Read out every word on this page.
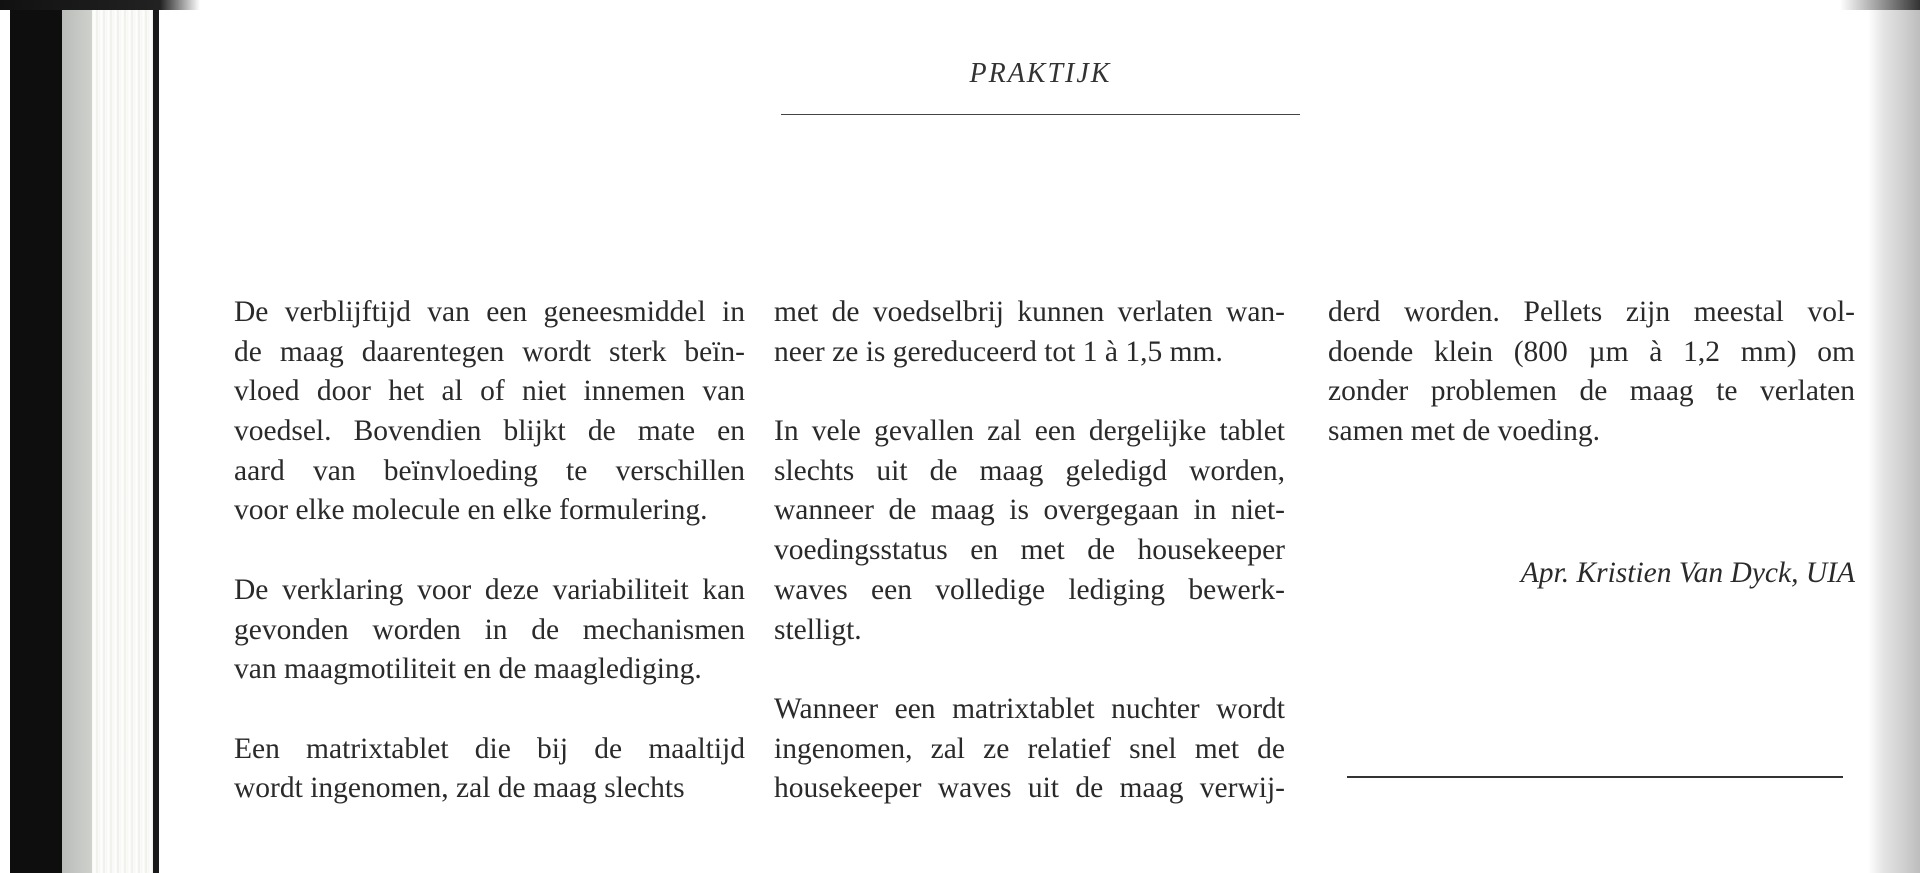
PRAKTIJK
De verblijftijd van een geneesmiddel in
de maag daarentegen wordt sterk beïn-
vloed door het al of niet innemen van
voedsel. Bovendien blijkt de mate en
aard van beïnvloeding te verschillen
voor elke molecule en elke formulering.
De verklaring voor deze variabiliteit kan
gevonden worden in de mechanismen
van maagmotiliteit en de maaglediging.
Een matrixtablet die bij de maaltijd
wordt ingenomen, zal de maag slechts
met de voedselbrij kunnen verlaten wan-
neer ze is gereduceerd tot 1 à 1,5 mm.
In vele gevallen zal een dergelijke tablet
slechts uit de maag geledigd worden,
wanneer de maag is overgegaan in niet-
voedingsstatus en met de housekeeper
waves een volledige lediging bewerk-
stelligt.
Wanneer een matrixtablet nuchter wordt
ingenomen, zal ze relatief snel met de
housekeeper waves uit de maag verwij-
derd worden. Pellets zijn meestal vol-
doende klein (800 µm à 1,2 mm) om
zonder problemen de maag te verlaten
samen met de voeding.
Apr. Kristien Van Dyck, UIA
